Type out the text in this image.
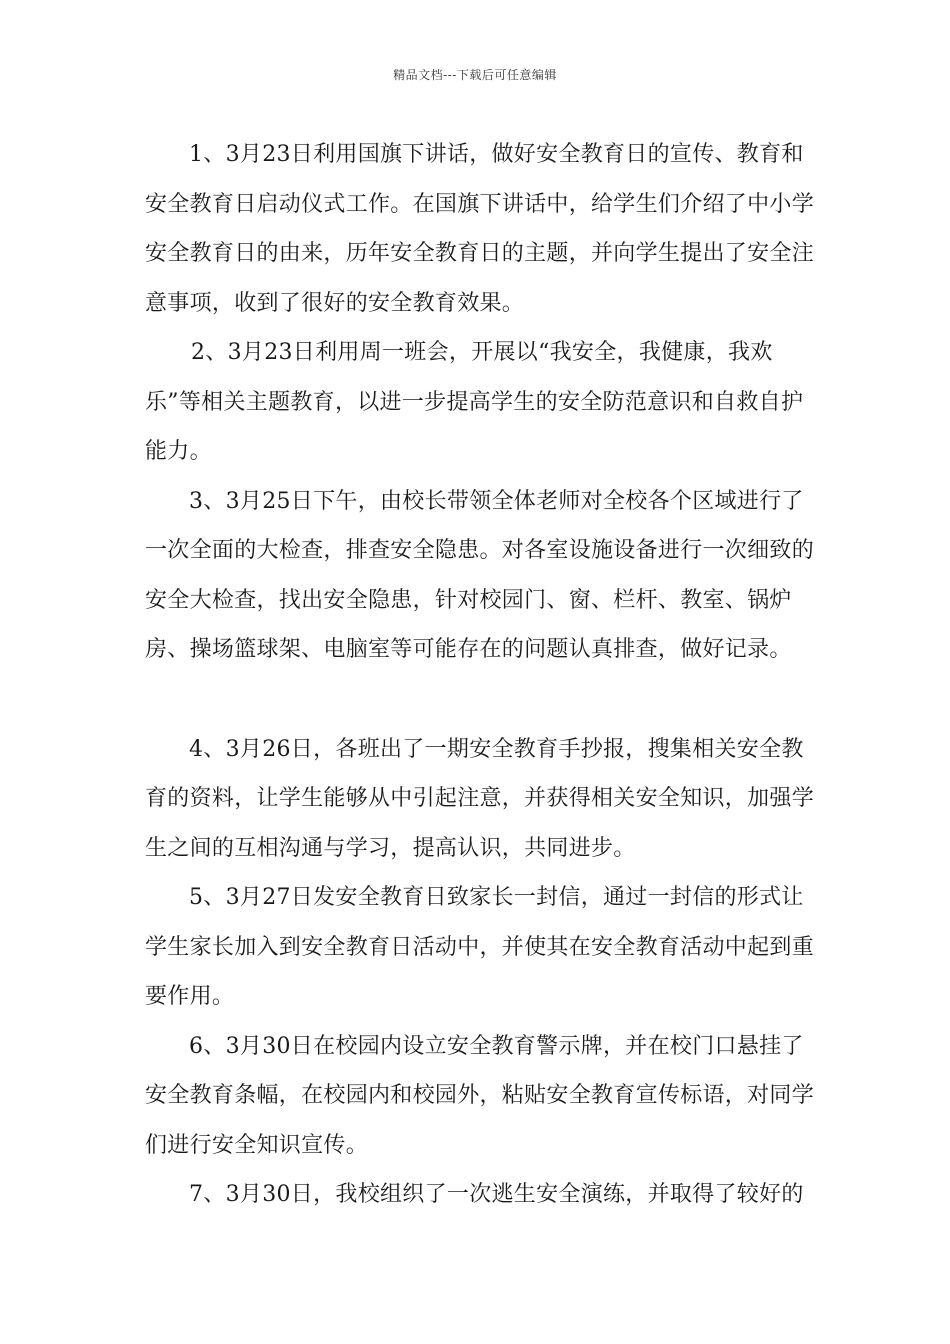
精品文档---下载后可任意编辑

1、3月23日利用国旗下讲话，做好安全教育日的宣传、教育和安全教育日启动仪式工作。在国旗下讲话中，给学生们介绍了中小学安全教育日的由来，历年安全教育日的主题，并向学生提出了安全注意事项，收到了很好的安全教育效果。

2、3月23日利用周一班会，开展以“我安全，我健康，我欢乐”等相关主题教育，以进一步提高学生的安全防范意识和自救自护能力。

3、3月25日下午，由校长带领全体老师对全校各个区域进行了一次全面的大检查，排查安全隐患。对各室设施设备进行一次细致的安全大检查，找出安全隐患，针对校园门、窗、栏杆、教室、锅炉房、操场篮球架、电脑室等可能存在的问题认真排查，做好记录。

4、3月26日，各班出了一期安全教育手抄报，搜集相关安全教育的资料，让学生能够从中引起注意，并获得相关安全知识，加强学生之间的互相沟通与学习，提高认识，共同进步。

5、3月27日发安全教育日致家长一封信，通过一封信的形式让学生家长加入到安全教育日活动中，并使其在安全教育活动中起到重要作用。

6、3月30日在校园内设立安全教育警示牌，并在校门口悬挂了安全教育条幅，在校园内和校园外，粘贴安全教育宣传标语，对同学们进行安全知识宣传。

7、3月30日，我校组织了一次逃生安全演练，并取得了较好的
